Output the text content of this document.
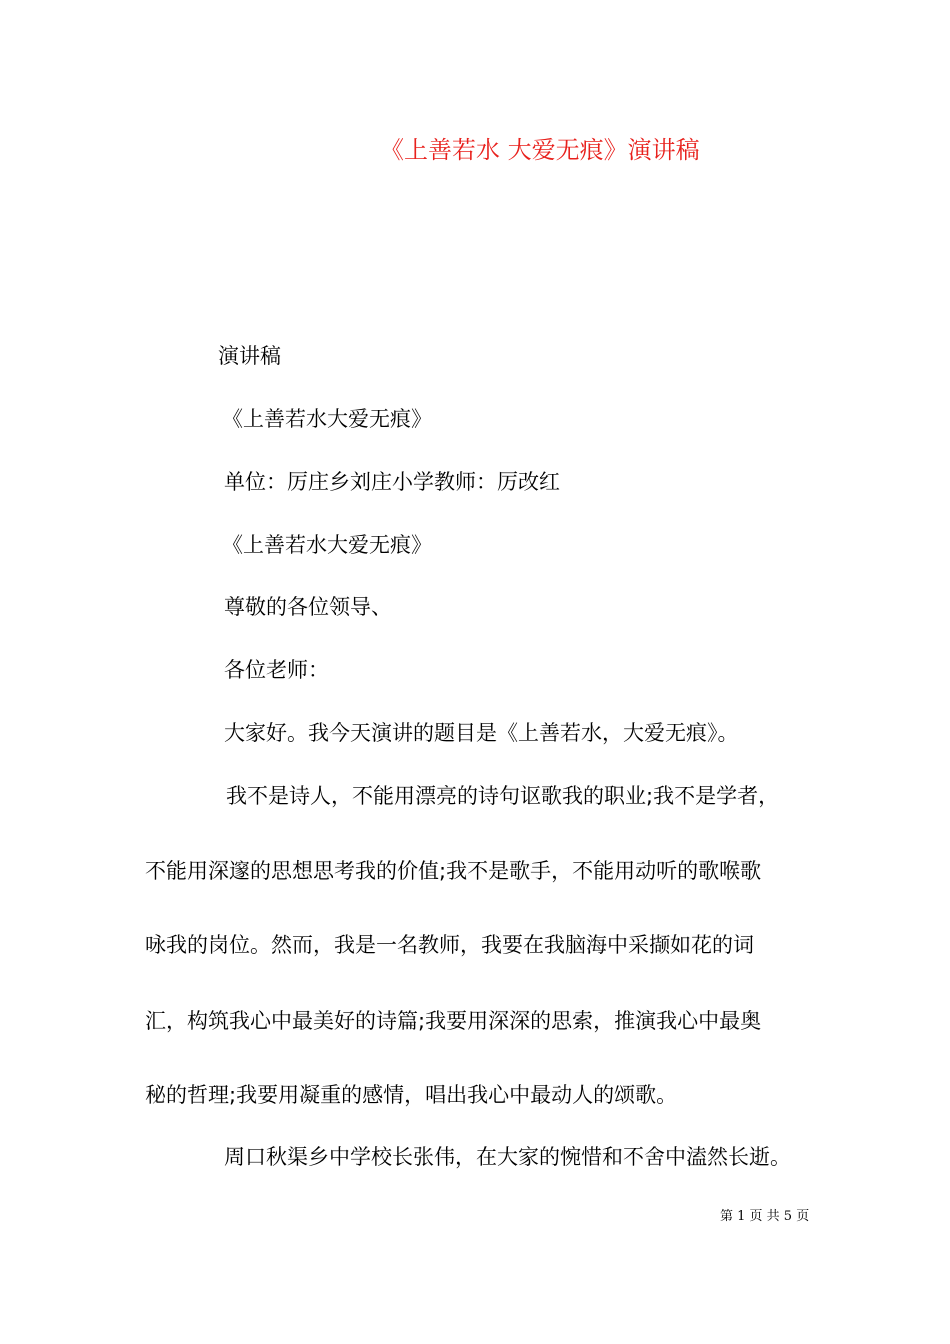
《上善若水 大爱无痕》演讲稿

演讲稿

《上善若水大爱无痕》

单位：厉庄乡刘庄小学教师：厉改红

《上善若水大爱无痕》

尊敬的各位领导、

各位老师：

大家好。我今天演讲的题目是《上善若水，大爱无痕》。

我不是诗人，不能用漂亮的诗句讴歌我的职业;我不是学者，

不能用深邃的思想思考我的价值;我不是歌手，不能用动听的歌喉歌

咏我的岗位。然而，我是一名教师，我要在我脑海中采撷如花的词

汇，构筑我心中最美好的诗篇;我要用深深的思索，推演我心中最奥

秘的哲理;我要用凝重的感情，唱出我心中最动人的颂歌。

周口秋渠乡中学校长张伟，在大家的惋惜和不舍中溘然长逝。

第 1 页 共 5 页
